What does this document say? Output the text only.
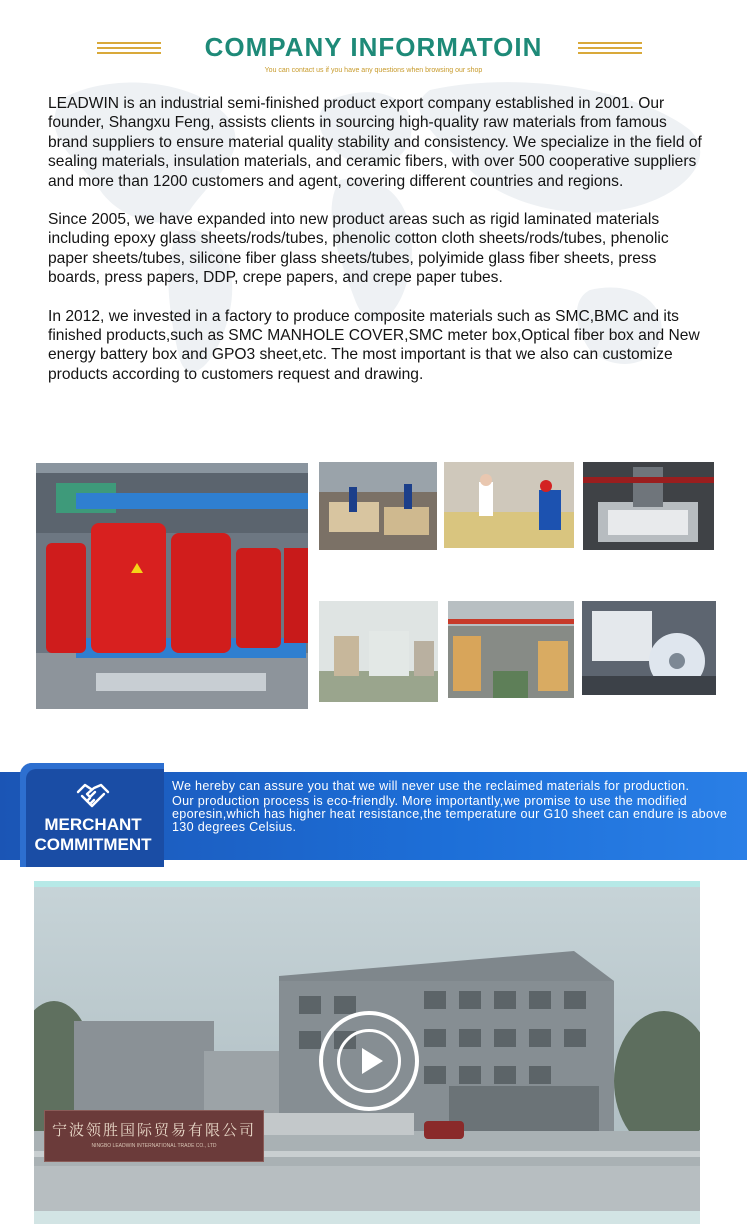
COMPANY INFORMATOIN
You can contact us if you have any questions when browsing our shop

LEADWIN is an industrial semi-finished product export company established in 2001. Our founder, Shangxu Feng, assists clients in sourcing high-quality raw materials from famous brand suppliers to ensure material quality stability and consistency. We specialize in the field of sealing materials, insulation materials, and ceramic fibers, with over 500 cooperative suppliers and more than 1200 customers and agent, covering different countries and regions.

Since 2005, we have expanded into new product areas such as rigid laminated materials including epoxy glass sheets/rods/tubes, phenolic cotton cloth sheets/rods/tubes, phenolic paper sheets/tubes, silicone fiber glass sheets/tubes, polyimide glass fiber sheets, press boards, press papers, DDP, crepe papers, and crepe paper tubes.

In 2012, we invested in a factory to produce composite materials such as SMC,BMC and its finished products,such as SMC MANHOLE COVER,SMC meter box,Optical fiber box and New energy battery box and GPO3 sheet,etc. The most important is that we also can customize products according to customers request and drawing.

MERCHANT
COMMITMENT

We hereby can assure you that we will never use the reclaimed materials for production.

Our production process is eco-friendly. More importantly,we promise to use the modified eporesin,which has higher heat resistance,the temperature our G10 sheet can endure is above 130 degrees Celsius.

宁波领胜国际贸易有限公司
NINGBO LEADWIN INTERNATIONAL TRADE CO., LTD
